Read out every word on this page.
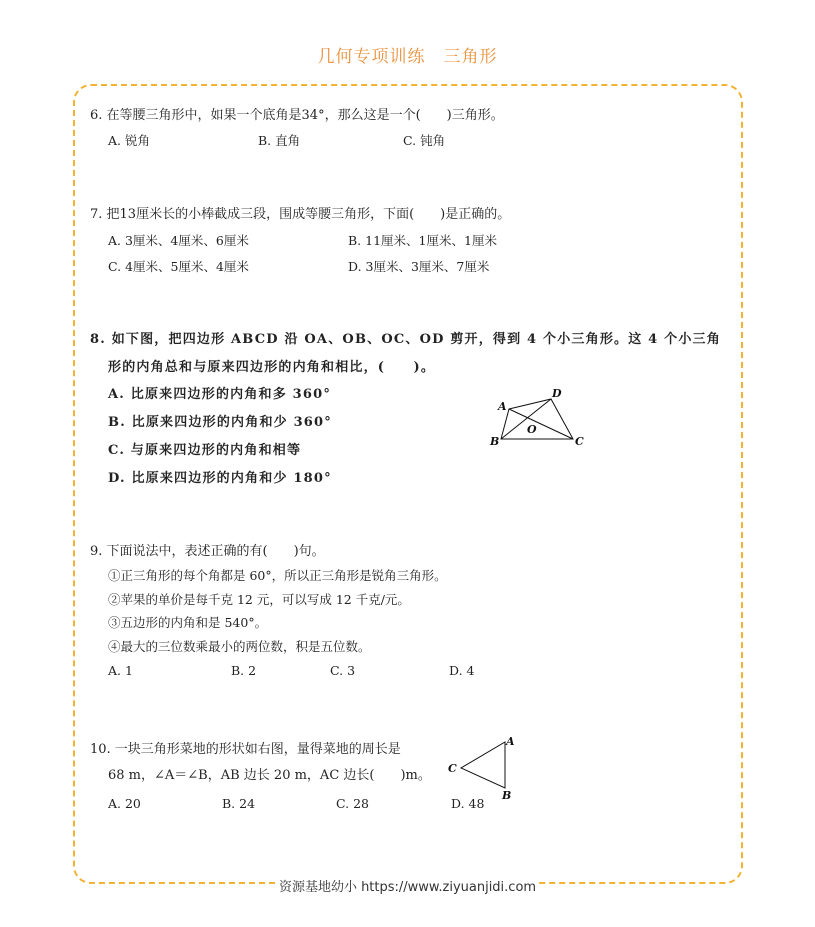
几何专项训练　三角形
6. 在等腰三角形中，如果一个底角是34°，那么这是一个(　　)三角形。
A. 锐角	B. 直角	C. 钝角
7. 把13厘米长的小棒截成三段，围成等腰三角形，下面(　　)是正确的。
A. 3厘米、4厘米、6厘米	B. 11厘米、1厘米、1厘米
C. 4厘米、5厘米、4厘米	D. 3厘米、3厘米、7厘米
8. 如下图，把四边形 ABCD 沿 OA、OB、OC、OD 剪开，得到 4 个小三角形。这 4 个小三角
形的内角总和与原来四边形的内角和相比，(　　)。
A. 比原来四边形的内角和多 360°
B. 比原来四边形的内角和少 360°
C. 与原来四边形的内角和相等
D. 比原来四边形的内角和少 180°
A
D
B	C
O
9. 下面说法中，表述正确的有(　　)句。
①正三角形的每个角都是 60°，所以正三角形是锐角三角形。
②苹果的单价是每千克 12 元，可以写成 12 千克/元。
③五边形的内角和是 540°。
④最大的三位数乘最小的两位数，积是五位数。
A. 1	B. 2	C. 3	D. 4
10. 一块三角形菜地的形状如右图，量得菜地的周长是
68 m，∠A＝∠B，AB 边长 20 m，AC 边长(　　)m。
A. 20	B. 24	C. 28	D. 48
A
B
C
资源基地幼小 https://www.ziyuanjidi.com
